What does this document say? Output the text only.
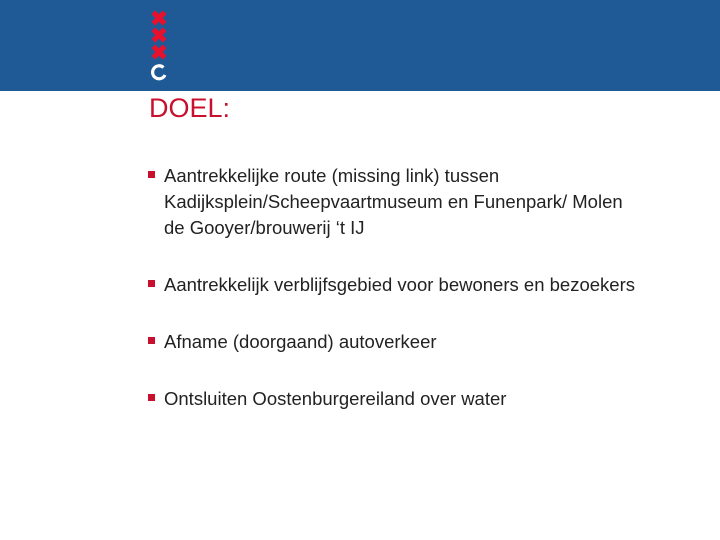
DOEL:
Aantrekkelijke route (missing link) tussen Kadijksplein/Scheepvaartmuseum en Funenpark/ Molen de Gooyer/brouwerij ‘t IJ
Aantrekkelijk verblijfsgebied voor bewoners en bezoekers
Afname (doorgaand) autoverkeer
Ontsluiten Oostenburgereiland over water
